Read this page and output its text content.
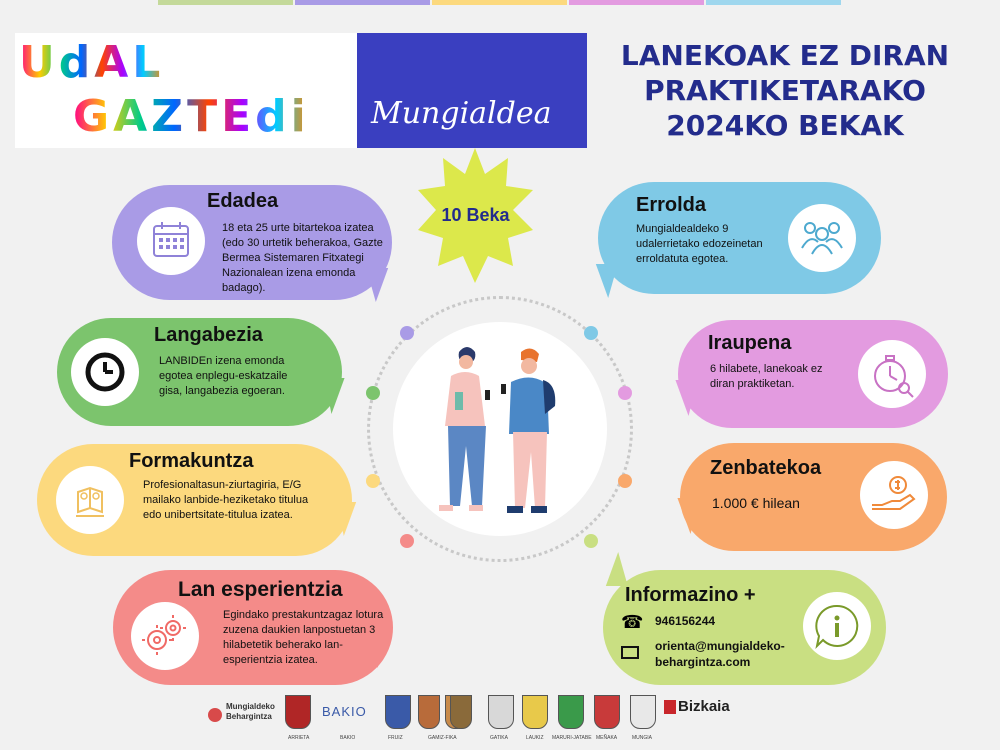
UdAL
GAZTEdi Mungialdea
LANEKOAK EZ DIRAN
PRAKTIKETARAKO
2024KO BEKAK
10 Beka
Edadea
18 eta 25 urte bitartekoa izatea (edo 30 urtetik beherakoa, Gazte Bermea Sistemaren Fitxategi Nazionalean izena emonda badago).
Langabezia
LANBIDEn izena emonda egotea enplegu-eskatzaile gisa, langabezia egoeran.
Formakuntza
Profesionaltasun-ziurtagiria, E/G mailako lanbide-heziketako titulua edo unibertsitate-titulua izatea.
Lan esperientzia
Egindako prestakuntzagaz lotura zuzena daukien lanpostuetan 3 hilabetetik beherako lan-esperientzia izatea.
Errolda
Mungialdealdeko 9 udalerrietako edozeinetan erroldatuta egotea.
Iraupena
6 hilabete, lanekoak ez diran praktiketan.
Zenbatekoa
1.000 € hilean
Informazino +
☎ 946156244
orienta@mungialdeko-behargintza.com
Mungialdeko
Behargintza	BAKIO	Bizkaia
ARRIETA	BAKIO	FRUIZ	GAMIZ-FIKA	GATIKA	LAUKIZ MARURI-JATABE MEÑAKA	MUNGIA
